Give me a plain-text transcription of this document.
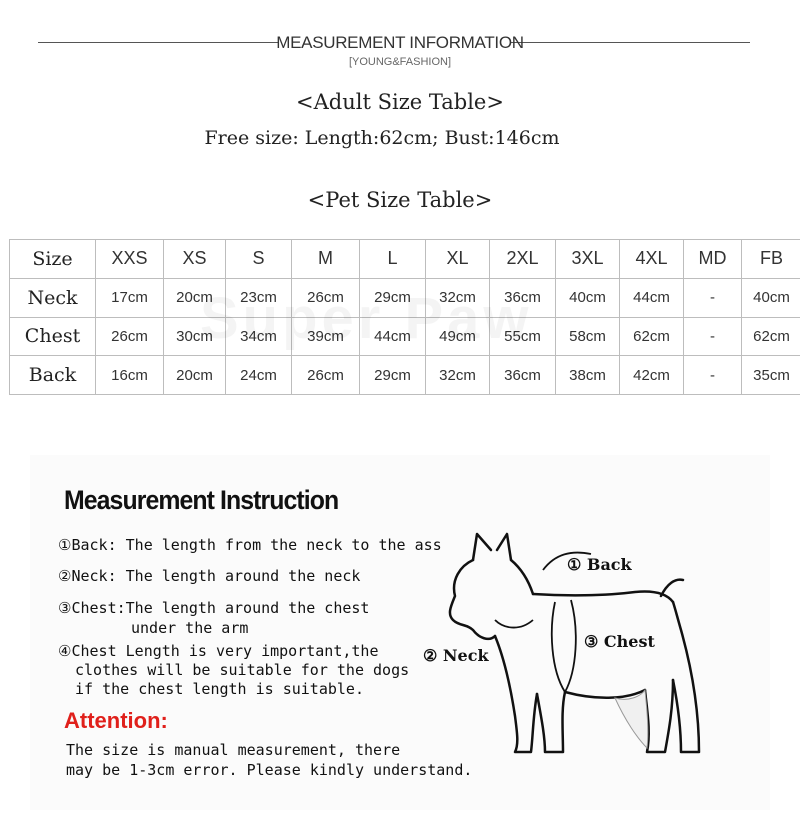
MEASUREMENT INFORMATION
[YOUNG&FASHION]
<Adult Size Table>
Free size: Length:62cm; Bust:146cm
<Pet Size Table>
Size	XXS	XS	S	M	L	XL	2XL	3XL	4XL	MD	FB
Neck	17cm	20cm	23cm	26cm	29cm	32cm	36cm	40cm	44cm	-	40cm
Chest	26cm	30cm	34cm	39cm	44cm	49cm	55cm	58cm	62cm	-	62cm
Back	16cm	20cm	24cm	26cm	29cm	32cm	36cm	38cm	42cm	-	35cm
Measurement Instruction
①Back: The length from the neck to the ass
②Neck: The length around the neck
③Chest:The length around the chest
under the arm
④Chest Length is very important,the
clothes will be suitable for the dogs
if the chest length is suitable.
Attention:
The size is manual measurement, there
may be 1-3cm error. Please kindly understand.
① Back
② Neck
③ Chest
